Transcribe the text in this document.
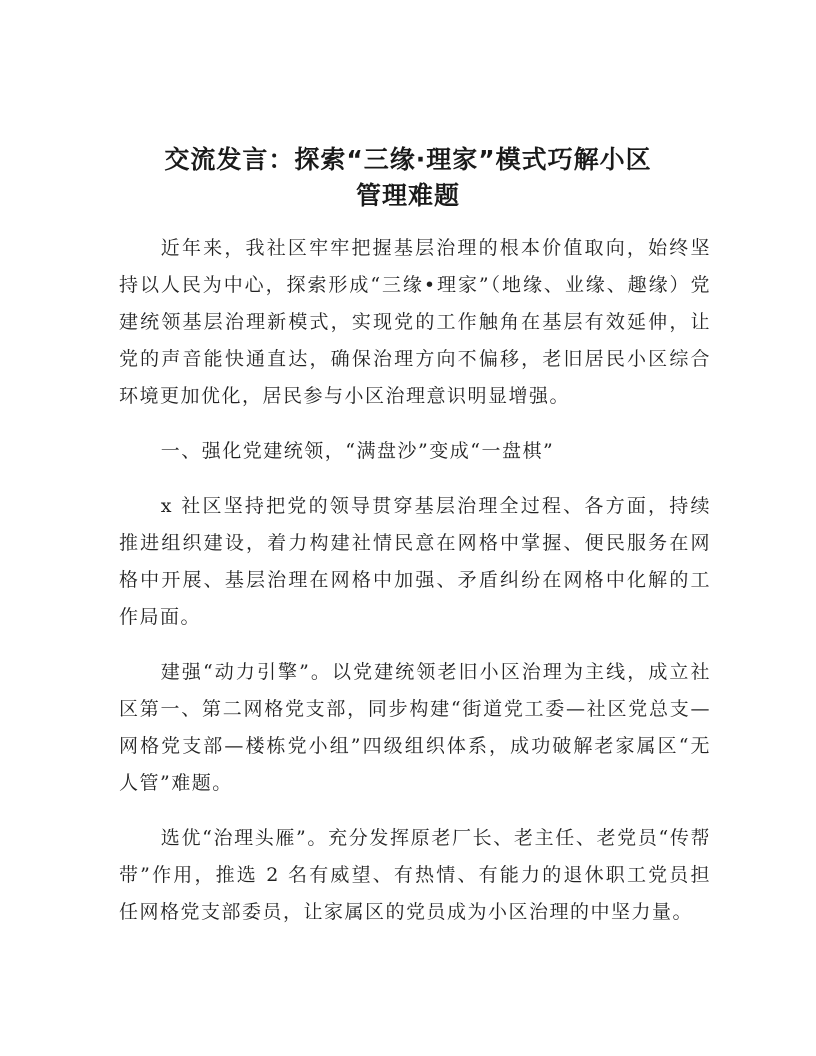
交流发言：探索“三缘·理家”模式巧解小区
管理难题

近年来，我社区牢牢把握基层治理的根本价值取向，始终坚持以人民为中心，探索形成“三缘•理家”（地缘、业缘、趣缘）党建统领基层治理新模式，实现党的工作触角在基层有效延伸，让党的声音能快通直达，确保治理方向不偏移，老旧居民小区综合环境更加优化，居民参与小区治理意识明显增强。

一、强化党建统领，“满盘沙”变成“一盘棋”

x 社区坚持把党的领导贯穿基层治理全过程、各方面，持续推进组织建设，着力构建社情民意在网格中掌握、便民服务在网格中开展、基层治理在网格中加强、矛盾纠纷在网格中化解的工作局面。

建强“动力引擎”。以党建统领老旧小区治理为主线，成立社区第一、第二网格党支部，同步构建“街道党工委—社区党总支—网格党支部—楼栋党小组”四级组织体系，成功破解老家属区“无人管”难题。

选优“治理头雁”。充分发挥原老厂长、老主任、老党员“传帮带”作用，推选 2 名有威望、有热情、有能力的退休职工党员担任网格党支部委员，让家属区的党员成为小区治理的中坚力量。
